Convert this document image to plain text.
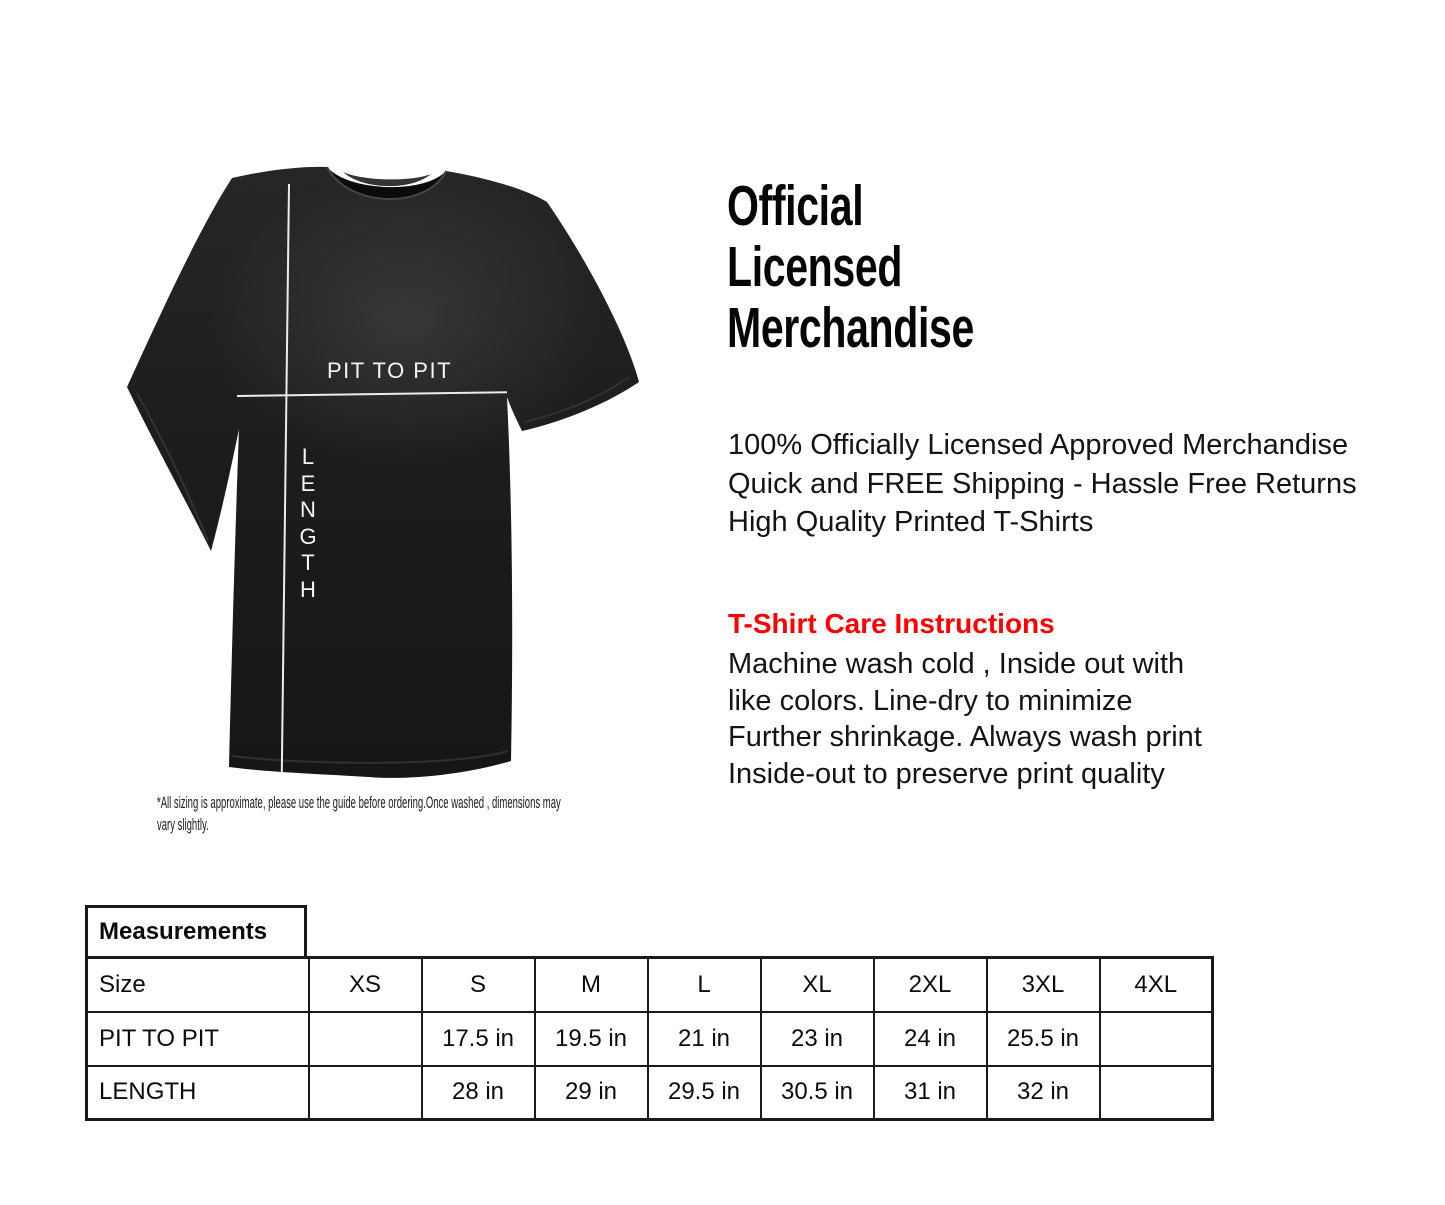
PIT TO PIT
L
E
N
G
T
H
*All sizing is approximate, please use the guide before ordering.Once washed , dimensions may
vary slightly.
Official
Licensed
Merchandise
100% Officially Licensed Approved Merchandise
Quick and FREE Shipping - Hassle Free Returns
High Quality Printed T-Shirts
T-Shirt Care Instructions
Machine wash cold , Inside out with
like colors. Line-dry to minimize
Further shrinkage. Always wash print
Inside-out to preserve print quality
Measurements
Size	XS	S	M	L	XL	2XL	3XL	4XL
PIT TO PIT		17.5 in	19.5 in	21 in	23 in	24 in	25.5 in	
LENGTH		28 in	29 in	29.5 in	30.5 in	31 in	32 in	
